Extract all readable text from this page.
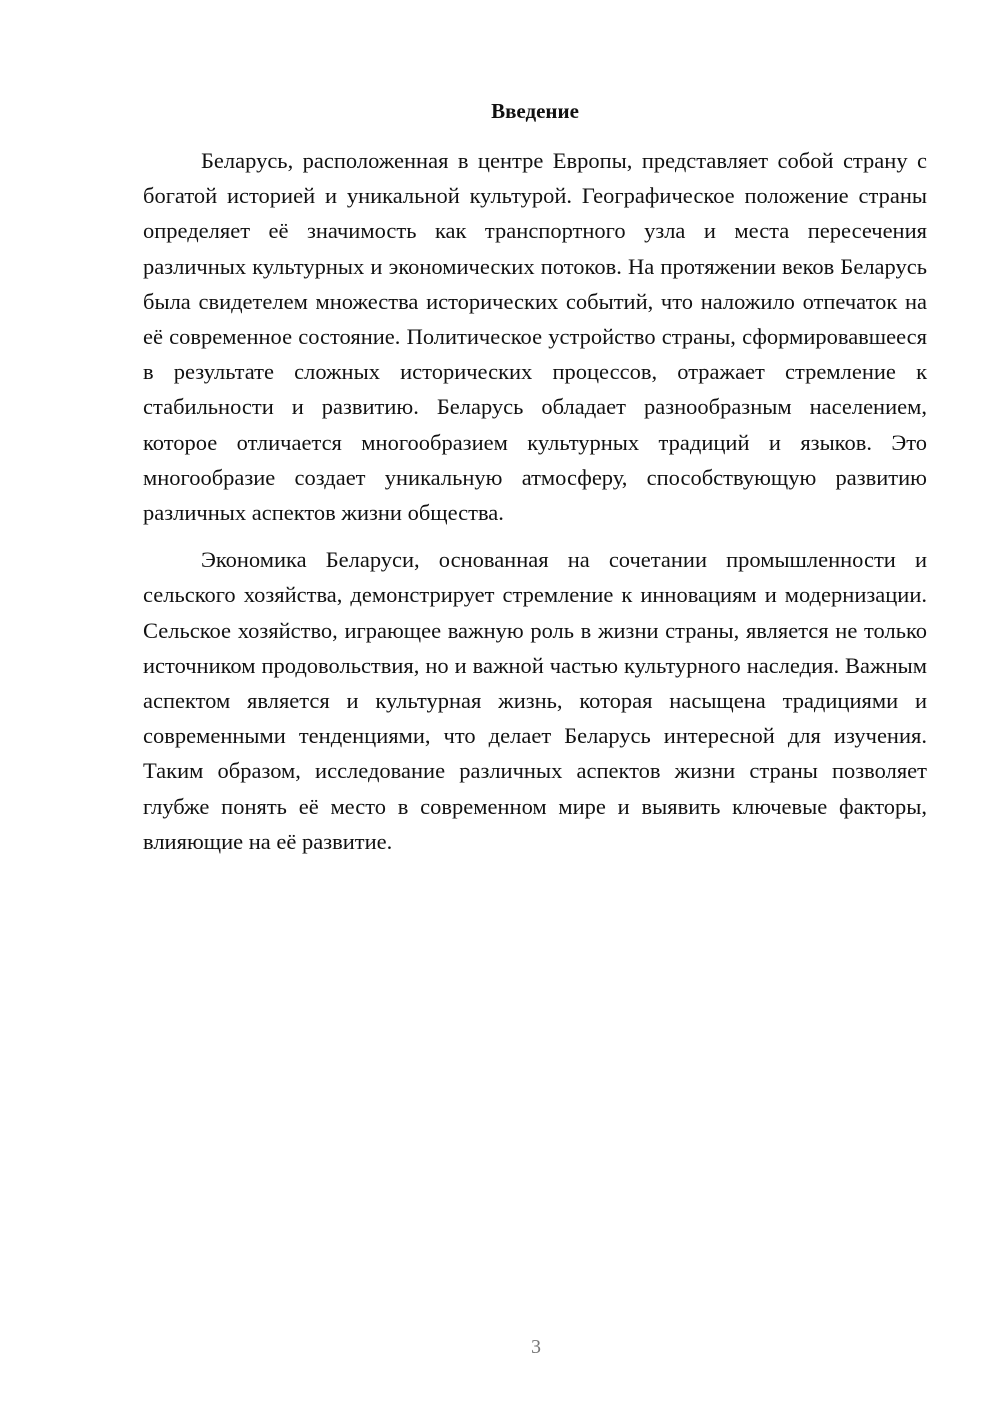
Введение

Беларусь, расположенная в центре Европы, представляет собой страну с богатой историей и уникальной культурой. Географическое положение страны определяет её значимость как транспортного узла и места пересечения различных культурных и экономических потоков. На протяжении веков Беларусь была свидетелем множества исторических событий, что наложило отпечаток на её современное состояние. Политическое устройство страны, сформировавшееся в результате сложных исторических процессов, отражает стремление к стабильности и развитию. Беларусь обладает разнообразным населением, которое отличается многообразием культурных традиций и языков. Это многообразие создает уникальную атмосферу, способствующую развитию различных аспектов жизни общества.

Экономика Беларуси, основанная на сочетании промышленности и сельского хозяйства, демонстрирует стремление к инновациям и модернизации. Сельское хозяйство, играющее важную роль в жизни страны, является не только источником продовольствия, но и важной частью культурного наследия. Важным аспектом является и культурная жизнь, которая насыщена традициями и современными тенденциями, что делает Беларусь интересной для изучения. Таким образом, исследование различных аспектов жизни страны позволяет глубже понять её место в современном мире и выявить ключевые факторы, влияющие на её развитие.

3
